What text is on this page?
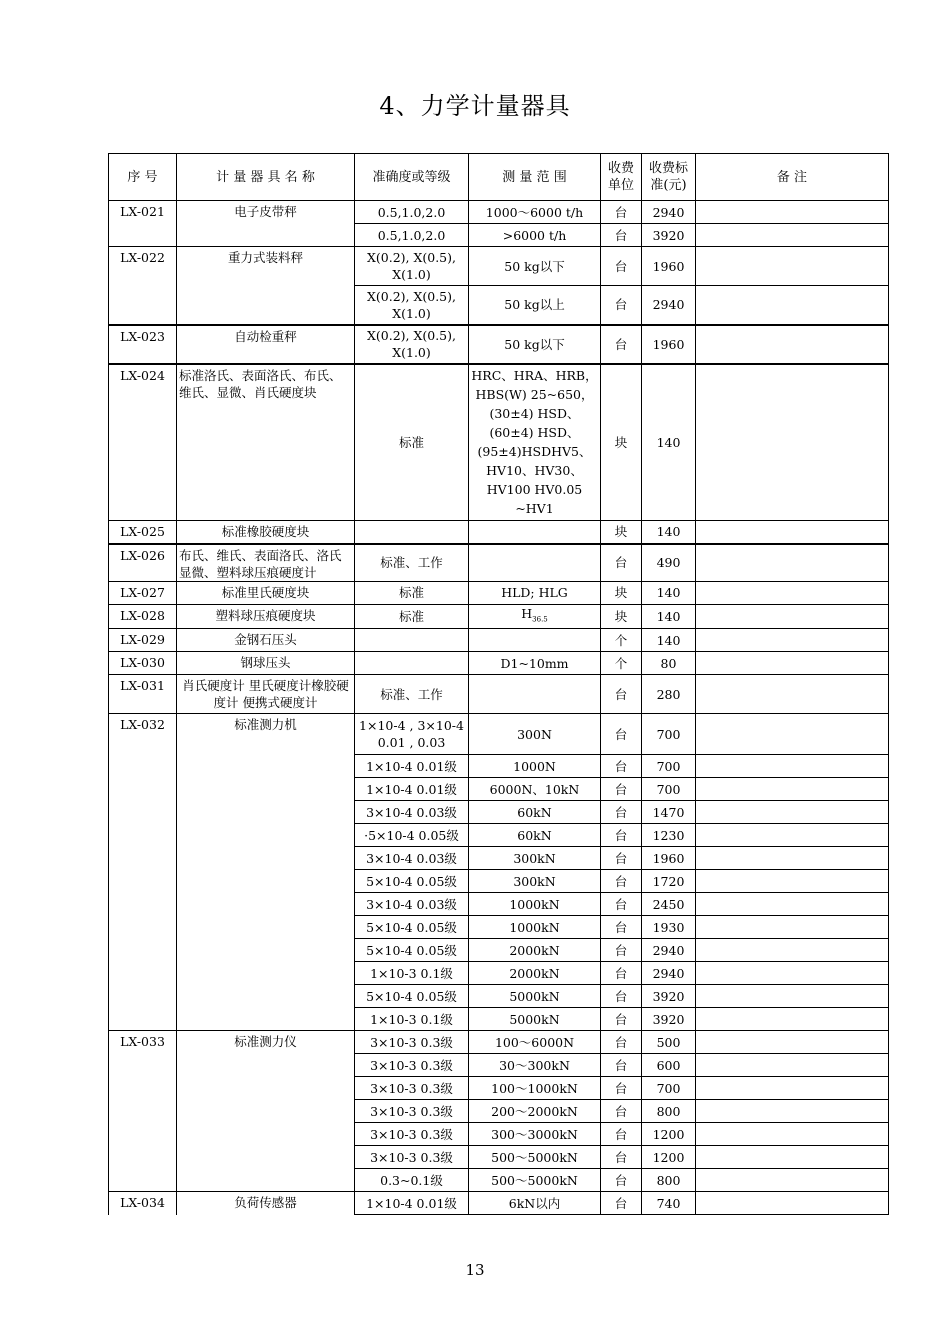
4、力学计量器具
序 号	计 量 器 具 名 称	准确度或等级	测 量 范 围	收费单位	收费标准(元)	备 注
LX-021	电子皮带秤	0.5,1.0,2.0	1000～6000 t/h	台	2940	
		0.5,1.0,2.0	>6000 t/h	台	3920	
LX-022	重力式装料秤	X(0.2), X(0.5), X(1.0)	50 kg以下	台	1960	
		X(0.2), X(0.5), X(1.0)	50 kg以上	台	2940	
LX-023	自动检重秤	X(0.2), X(0.5), X(1.0)	50 kg以下	台	1960	
LX-024	标准洛氏、表面洛氏、布氏、维氏、显微、肖氏硬度块	标准	HRC、HRA、HRB，HBS(W) 25~650，(30±4) HSD、(60±4) HSD、(95±4)HSDHV5、HV10、HV30、HV100 HV0.05 ~HV1	块	140	
LX-025	标准橡胶硬度块			块	140	
LX-026	布氏、维氏、表面洛氏、洛氏显微、塑料球压痕硬度计	标准、工作		台	490	
LX-027	标准里氏硬度块	标准	HLD; HLG	块	140	
LX-028	塑料球压痕硬度块	标准	$H_{36.5}$	块	140	
LX-029	金钢石压头			个	140	
LX-030	钢球压头		D1~10mm	个	80	
LX-031	肖氏硬度计 里氏硬度计橡胶硬度计 便携式硬度计	标准、工作		台	280	
LX-032	标准测力机	1×10-4 , 3×10-4 0.01 , 0.03	300N	台	700	
		1×10-4 0.01级	1000N	台	700	
		1×10-4 0.01级	6000N、10kN	台	700	
		3×10-4 0.03级	60kN	台	1470	
		·5×10-4 0.05级	60kN	台	1230	
		3×10-4 0.03级	300kN	台	1960	
		5×10-4 0.05级	300kN	台	1720	
		3×10-4 0.03级	1000kN	台	2450	
		5×10-4 0.05级	1000kN	台	1930	
		5×10-4 0.05级	2000kN	台	2940	
		1×10-3 0.1级	2000kN	台	2940	
		5×10-4 0.05级	5000kN	台	3920	
		1×10-3 0.1级	5000kN	台	3920	
LX-033	标准测力仪	3×10-3 0.3级	100～6000N	台	500	
		3×10-3 0.3级	30～300kN	台	600	
		3×10-3 0.3级	100～1000kN	台	700	
		3×10-3 0.3级	200～2000kN	台	800	
		3×10-3 0.3级	300～3000kN	台	1200	
		3×10-3 0.3级	500～5000kN	台	1200	
		0.3~0.1级	500～5000kN	台	800	
LX-034	负荷传感器	1×10-4 0.01级	6kN以内	台	740	
13
